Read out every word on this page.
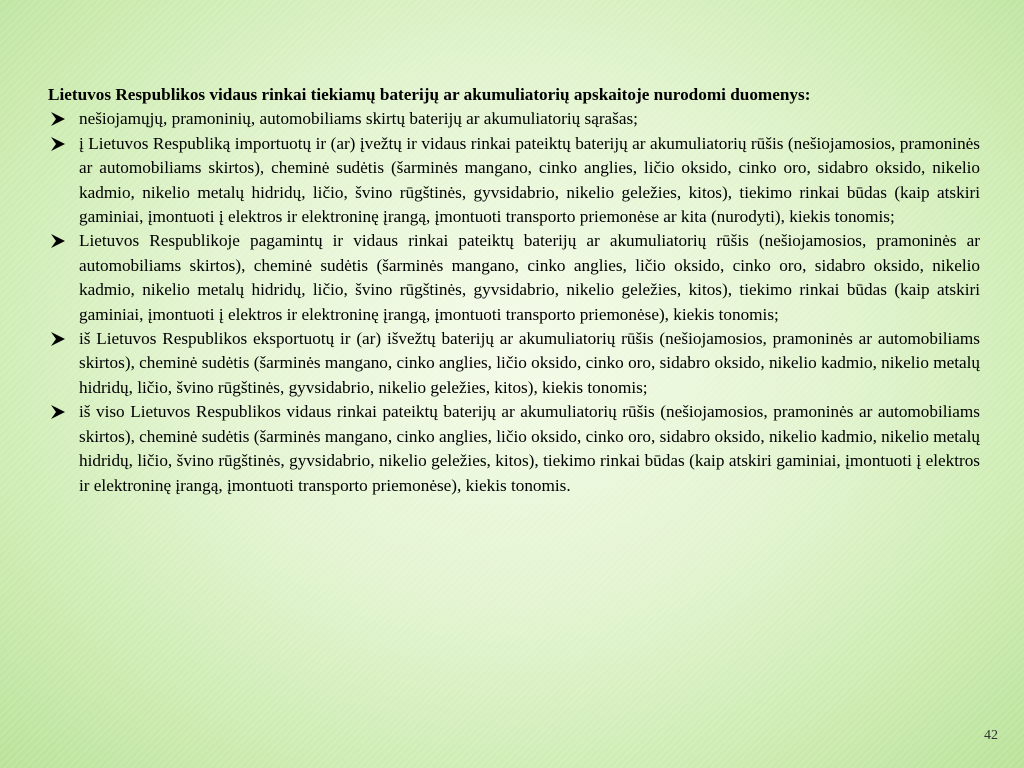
Lietuvos Respublikos vidaus rinkai tiekiamų baterijų ar akumuliatorių apskaitoje nurodomi duomenys:

nešiojamųjų, pramoninių, automobiliams skirtų baterijų ar akumuliatorių sąrašas;
į Lietuvos Respubliką importuotų ir (ar) įvežtų ir vidaus rinkai pateiktų baterijų ar akumuliatorių rūšis (nešiojamosios, pramoninės ar automobiliams skirtos), cheminė sudėtis (šarminės mangano, cinko anglies, ličio oksido, cinko oro, sidabro oksido, nikelio kadmio, nikelio metalų hidridų, ličio, švino rūgštinės, gyvsidabrio, nikelio geležies, kitos), tiekimo rinkai būdas (kaip atskiri gaminiai, įmontuoti į elektros ir elektroninę įrangą, įmontuoti transporto priemonėse ar kita (nurodyti), kiekis tonomis;
Lietuvos Respublikoje pagamintų ir vidaus rinkai pateiktų baterijų ar akumuliatorių rūšis (nešiojamosios, pramoninės ar automobiliams skirtos), cheminė sudėtis (šarminės mangano, cinko anglies, ličio oksido, cinko oro, sidabro oksido, nikelio kadmio, nikelio metalų hidridų, ličio, švino rūgštinės, gyvsidabrio, nikelio geležies, kitos), tiekimo rinkai būdas (kaip atskiri gaminiai, įmontuoti į elektros ir elektroninę įrangą, įmontuoti transporto priemonėse), kiekis tonomis;
iš Lietuvos Respublikos eksportuotų ir (ar) išvežtų baterijų ar akumuliatorių rūšis (nešiojamosios, pramoninės ar automobiliams skirtos), cheminė sudėtis (šarminės mangano, cinko anglies, ličio oksido, cinko oro, sidabro oksido, nikelio kadmio, nikelio metalų hidridų, ličio, švino rūgštinės, gyvsidabrio, nikelio geležies, kitos), kiekis tonomis;
iš viso Lietuvos Respublikos vidaus rinkai pateiktų baterijų ar akumuliatorių rūšis (nešiojamosios, pramoninės ar automobiliams skirtos), cheminė sudėtis (šarminės mangano, cinko anglies, ličio oksido, cinko oro, sidabro oksido, nikelio kadmio, nikelio metalų hidridų, ličio, švino rūgštinės, gyvsidabrio, nikelio geležies, kitos), tiekimo rinkai būdas (kaip atskiri gaminiai, įmontuoti į elektros ir elektroninę įrangą, įmontuoti transporto priemonėse), kiekis tonomis.
42
